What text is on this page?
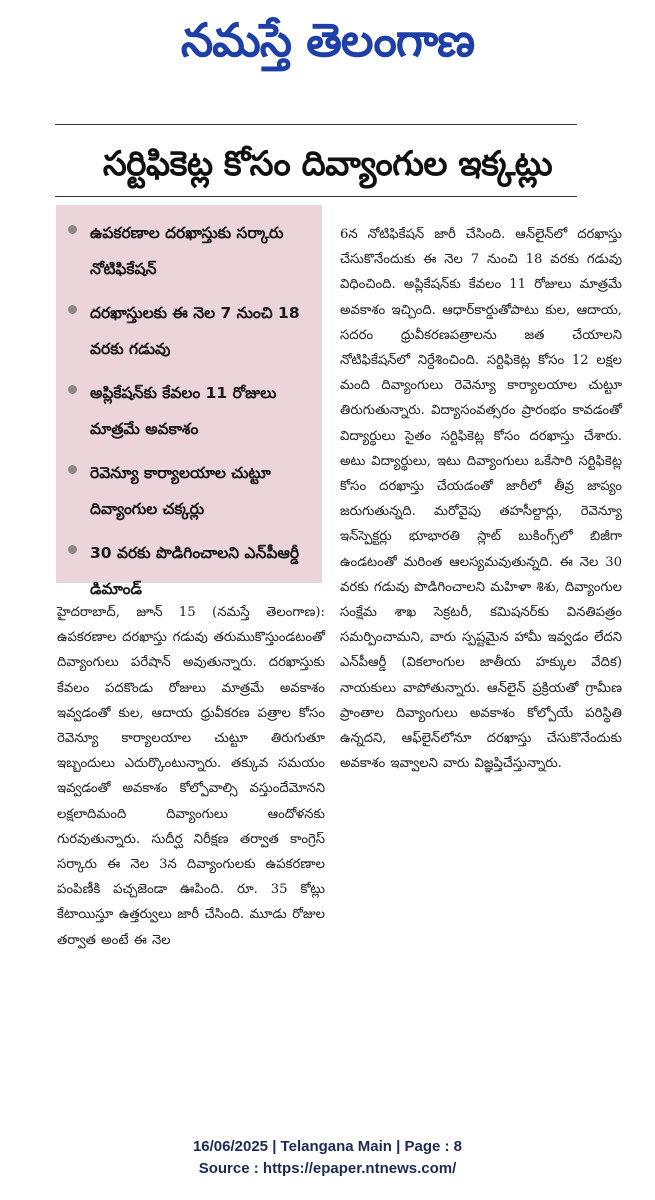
నమస్తే తెలంగాణ
సర్టిఫికెట్ల కోసం దివ్యాంగుల ఇక్కట్లు
ఉపకరణాల దరఖాస్తుకు సర్కారు నోటిఫికేషన్
దరఖాస్తులకు ఈ నెల 7 నుంచి 18 వరకు గడువు
అప్లికేషన్‌కు కేవలం 11 రోజులు మాత్రమే అవకాశం
రెవెన్యూ కార్యాలయాల చుట్టూ దివ్యాంగుల చక్కర్లు
30 వరకు పొడిగించాలని ఎన్‌పీఆర్డీ డిమాండ్

హైదరాబాద్, జూన్ 15 (నమస్తే తెలంగాణ): ఉపకరణాల దరఖాస్తు గడువు తరుముకొస్తుండటంతో దివ్యాంగులు పరేషాన్ అవుతున్నారు. దరఖాస్తుకు కేవలం పదకొండు రోజులు మాత్రమే అవకాశం ఇవ్వడంతో కుల, ఆదాయ ధ్రువీకరణ పత్రాల కోసం రెవెన్యూ కార్యాలయాల చుట్టూ తిరుగుతూ ఇబ్బందులు ఎదుర్కొంటున్నారు. తక్కువ సమయం ఇవ్వడంతో అవకాశం కోల్పోవాల్సి వస్తుందేమోనని లక్షలాదిమంది దివ్యాంగులు ఆందోళనకు గురవుతున్నారు. సుదీర్ఘ నిరీక్షణ తర్వాత కాంగ్రెస్ సర్కారు ఈ నెల 3న దివ్యాంగులకు ఉపకరణాల పంపిణీకి పచ్చజెండా ఊపింది. రూ. 35 కోట్లు కేటాయిస్తూ ఉత్తర్వులు జారీ చేసింది. మూడు రోజుల తర్వాత అంటే ఈ నెల

6న నోటిఫికేషన్ జారీ చేసింది. ఆన్‌లైన్‌లో దరఖాస్తు చేసుకొనేందుకు ఈ నెల 7 నుంచి 18 వరకు గడువు విధించింది. అప్లికేషన్‌కు కేవలం 11 రోజులు మాత్రమే అవకాశం ఇచ్చింది. ఆధార్‌కార్డుతోపాటు కుల, ఆదాయ, సదరం ధ్రువీకరణపత్రాలను జత చేయాలని నోటిఫికేషన్‌లో నిర్దేశించింది. సర్టిఫికెట్ల కోసం 12 లక్షల మంది దివ్యాంగులు రెవెన్యూ కార్యాలయాల చుట్టూ తిరుగుతున్నారు. విద్యాసంవత్సరం ప్రారంభం కావడంతో విద్యార్థులు సైతం సర్టిఫికెట్ల కోసం దరఖాస్తు చేశారు. అటు విద్యార్థులు, ఇటు దివ్యాంగులు ఒకేసారి సర్టిఫికెట్ల కోసం దరఖాస్తు చేయడంతో జారీలో తీవ్ర జాప్యం జరుగుతున్నది. మరోవైపు తహసీల్దార్లు, రెవెన్యూ ఇన్‌స్పెక్టర్లు భూభారతి స్లాట్ బుకింగ్స్‌లో బిజీగా ఉండటంతో మరింత ఆలస్యమవుతున్నది. ఈ నెల 30 వరకు గడువు పొడిగించాలని మహిళా శిశు, దివ్యాంగుల సంక్షేమ శాఖ సెక్రటరీ, కమిషనర్‌కు వినతిపత్రం సమర్పించామని, వారు స్పష్టమైన హామీ ఇవ్వడం లేదని ఎన్‌పీఆర్డీ (వికలాంగుల జాతీయ హక్కుల వేదిక) నాయకులు వాపోతున్నారు. ఆన్‌లైన్ ప్రక్రియతో గ్రామీణ ప్రాంతాల దివ్యాంగులు అవకాశం కోల్పోయే పరిస్థితి ఉన్నదని, ఆఫ్‌లైన్‌లోనూ దరఖాస్తు చేసుకొనేందుకు అవకాశం ఇవ్వాలని వారు విజ్ఞప్తిచేస్తున్నారు.

16/06/2025 | Telangana Main | Page : 8
Source : https://epaper.ntnews.com/
